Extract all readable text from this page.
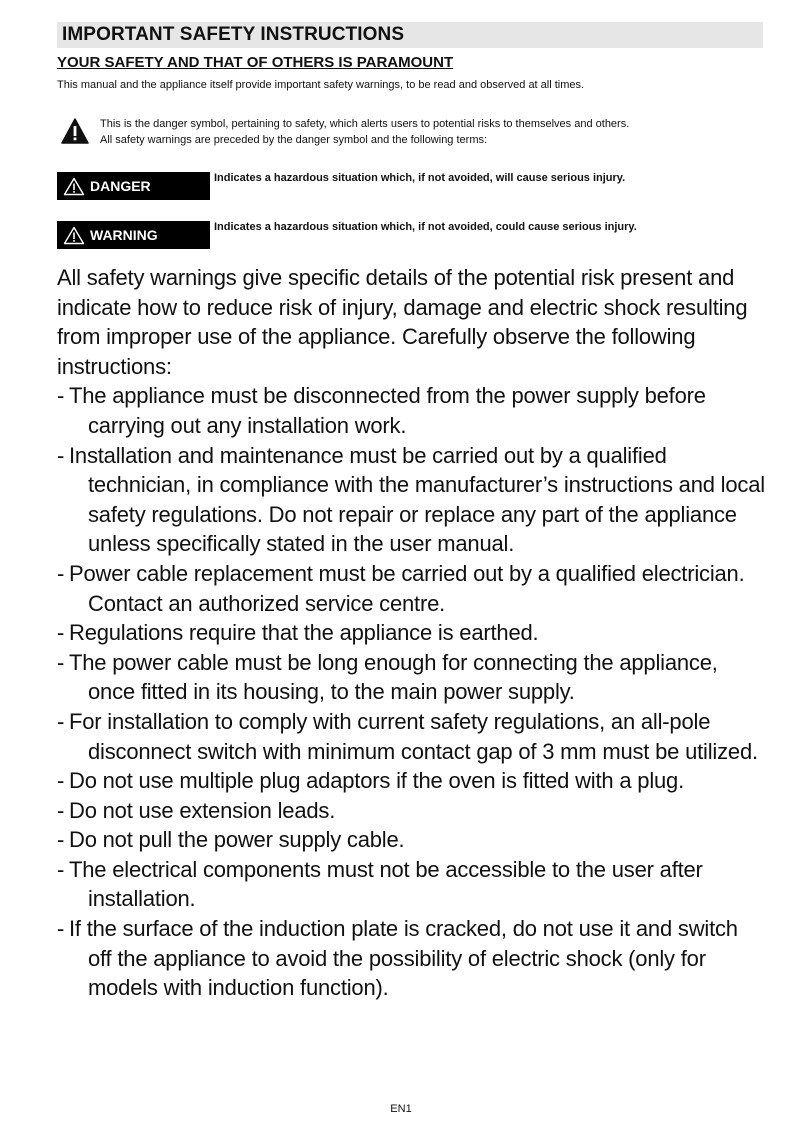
IMPORTANT SAFETY INSTRUCTIONS
YOUR SAFETY AND THAT OF OTHERS IS PARAMOUNT
This manual and the appliance itself provide important safety warnings, to be read and observed at all times.
This is the danger symbol, pertaining to safety, which alerts users to potential risks to themselves and others.
All safety warnings are preceded by the danger symbol and the following terms:
DANGER	Indicates a hazardous situation which, if not avoided, will cause serious injury.
WARNING	Indicates a hazardous situation which, if not avoided, could cause serious injury.

All safety warnings give specific details of the potential risk present and indicate how to reduce risk of injury, damage and electric shock resulting from improper use of the appliance. Carefully observe the following instructions:

- The appliance must be disconnected from the power supply before carrying out any installation work.
- Installation and maintenance must be carried out by a qualified technician, in compliance with the manufacturer’s instructions and local safety regulations. Do not repair or replace any part of the appliance unless specifically stated in the user manual.
- Power cable replacement must be carried out by a qualified electrician. Contact an authorized service centre.
- Regulations require that the appliance is earthed.
- The power cable must be long enough for connecting the appliance, once fitted in its housing, to the main power supply.
- For installation to comply with current safety regulations, an all-pole disconnect switch with minimum contact gap of 3 mm must be utilized.
- Do not use multiple plug adaptors if the oven is fitted with a plug.
- Do not use extension leads.
- Do not pull the power supply cable.
- The electrical components must not be accessible to the user after installation.
- If the surface of the induction plate is cracked, do not use it and switch off the appliance to avoid the possibility of electric shock (only for models with induction function).
EN1
